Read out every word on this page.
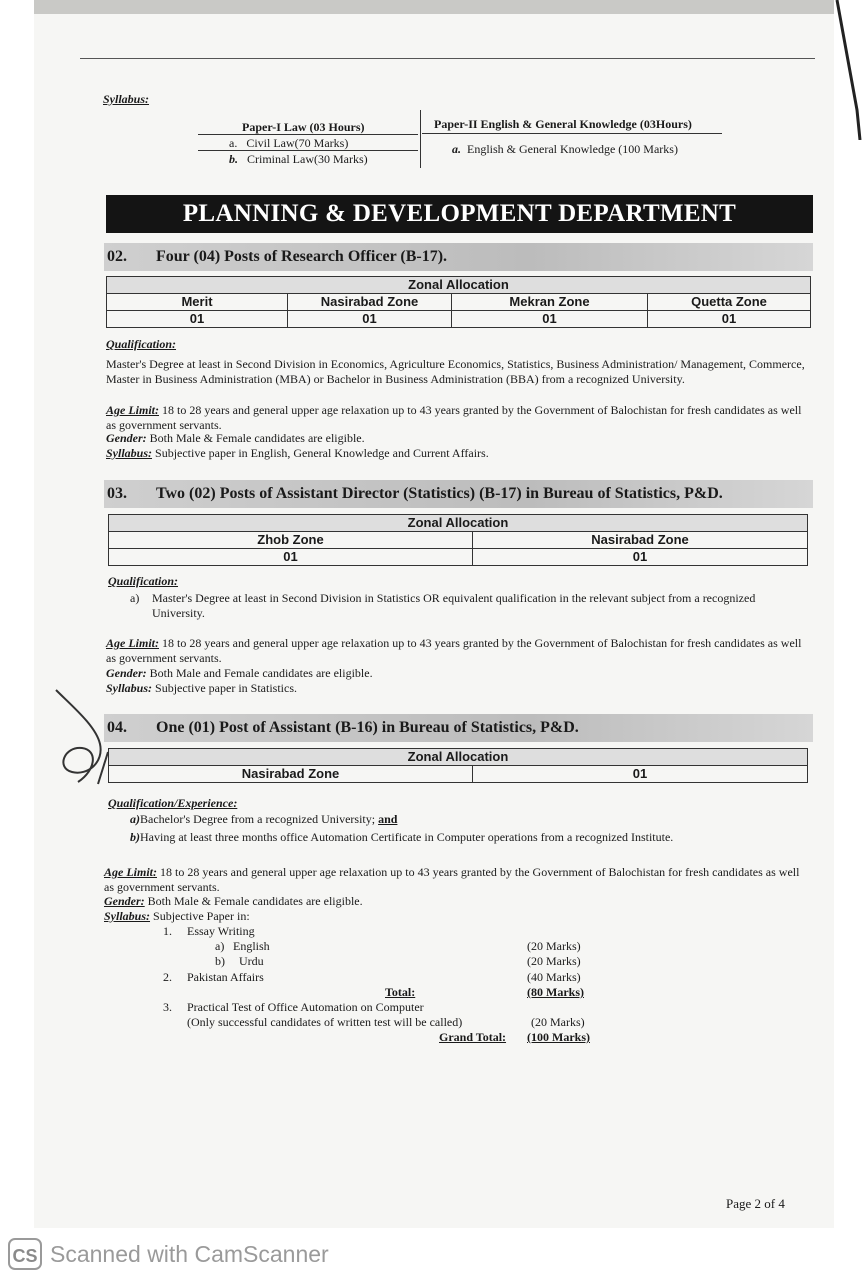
Syllabus:
Paper-I Law (03 Hours)
a. Civil Law(70 Marks)
b. Criminal Law(30 Marks)
Paper-II English & General Knowledge (03Hours)
a. English & General Knowledge (100 Marks)
PLANNING & DEVELOPMENT DEPARTMENT
02. Four (04) Posts of Research Officer (B-17).
Zonal Allocation			
Merit	Nasirabad Zone	Mekran Zone	Quetta Zone
01	01	01	01
Qualification:
Master's Degree at least in Second Division in Economics, Agriculture Economics, Statistics, Business Administration/ Management, Commerce, Master in Business Administration (MBA) or Bachelor in Business Administration (BBA) from a recognized University.
Age Limit: 18 to 28 years and general upper age relaxation up to 43 years granted by the Government of Balochistan for fresh candidates as well as government servants.
Gender: Both Male & Female candidates are eligible.
Syllabus: Subjective paper in English, General Knowledge and Current Affairs.
03. Two (02) Posts of Assistant Director (Statistics) (B-17) in Bureau of Statistics, P&D.
Zonal Allocation	
Zhob Zone	Nasirabad Zone
01	01
Qualification:
a) Master's Degree at least in Second Division in Statistics OR equivalent qualification in the relevant subject from a recognized University.
Age Limit: 18 to 28 years and general upper age relaxation up to 43 years granted by the Government of Balochistan for fresh candidates as well as government servants.
Gender: Both Male and Female candidates are eligible.
Syllabus: Subjective paper in Statistics.
04. One (01) Post of Assistant (B-16) in Bureau of Statistics, P&D.
Zonal Allocation
Nasirabad Zone	01
Qualification/Experience:
a)Bachelor's Degree from a recognized University; and
b)Having at least three months office Automation Certificate in Computer operations from a recognized Institute.
Age Limit: 18 to 28 years and general upper age relaxation up to 43 years granted by the Government of Balochistan for fresh candidates as well as government servants.
Gender: Both Male & Female candidates are eligible.
Syllabus: Subjective Paper in:
1. Essay Writing
a) English	(20 Marks)
b) Urdu	(20 Marks)
2. Pakistan Affairs	(40 Marks)
Total:	(80 Marks)
3. Practical Test of Office Automation on Computer
(Only successful candidates of written test will be called)	(20 Marks)
Grand Total: (100 Marks)
Page 2 of 4
CS Scanned with CamScanner
